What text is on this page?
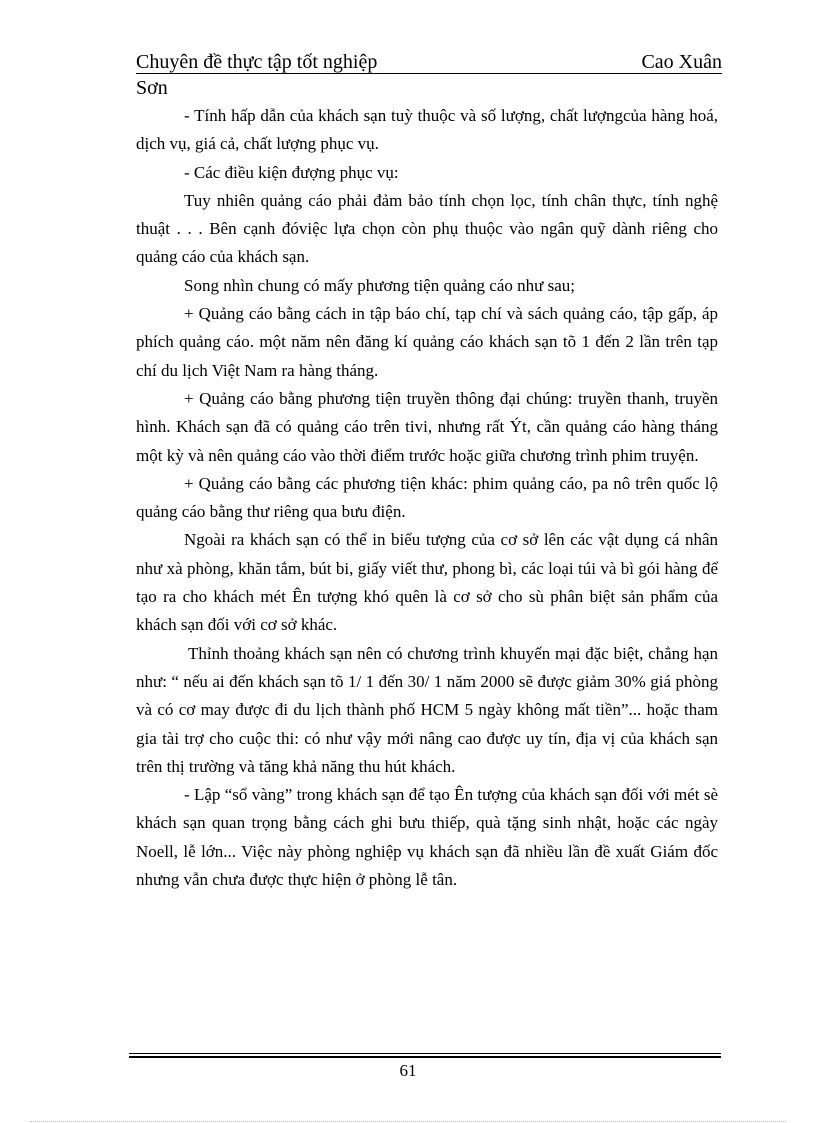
Chuyên đề thực tập tốt nghiệp	Cao Xuân
Sơn

- Tính hấp dẫn của khách sạn tuỳ thuộc và số lượng, chất lượngcủa hàng hoá, dịch vụ, giá cả, chất lượng phục vụ.

- Các điều kiện đượng phục vụ:

Tuy nhiên quảng cáo phải đảm bảo tính chọn lọc, tính chân thực, tính nghệ thuật . . . Bên cạnh đóviệc lựa chọn còn phụ thuộc vào ngân quỹ dành riêng cho quảng cáo của khách sạn.

Song nhìn chung có mấy phương tiện quảng cáo như sau;

+ Quảng cáo bằng cách in tập báo chí, tạp chí và sách quảng cáo, tập gấp, áp phích quảng cáo. một năm nên đăng kí quảng cáo khách sạn tõ 1 đến 2 lần trên tạp chí du lịch Việt Nam ra hàng tháng.

+ Quảng cáo bằng phương tiện truyền thông đại chúng: truyền thanh, truyền hình. Khách sạn đã có quảng cáo trên tivi, nhưng rất Ýt, cần quảng cáo hàng tháng một kỳ và nên quảng cáo vào thời điểm trước hoặc giữa chương trình phim truyện.

+ Quảng cáo bằng các phương tiện khác: phim quảng cáo, pa nô trên quốc lộ quảng cáo bằng thư riêng qua bưu điện.

Ngoài ra khách sạn có thể in biểu tượng của cơ sở lên các vật dụng cá nhân như xà phòng, khăn tắm, bút bi, giấy viết thư, phong bì, các loại túi và bì gói hàng để tạo ra cho khách mét Ên tượng khó quên là cơ sở cho sù phân biệt sản phẩm của khách sạn đối với cơ sở khác.

Thỉnh thoảng khách sạn nên có chương trình khuyến mại đặc biệt, chẳng hạn như: “ nếu ai đến khách sạn tõ 1/ 1 đến 30/ 1 năm 2000 sẽ được giảm 30% giá phòng và có cơ may được đi du lịch thành phố HCM 5 ngày không mất tiền”... hoặc tham gia tài trợ cho cuộc thi: có như vậy mới nâng cao được uy tín, địa vị của khách sạn trên thị trường và tăng khả năng thu hút khách.

- Lập “sổ vàng” trong khách sạn để tạo Ên tượng của khách sạn đối với mét sè khách sạn quan trọng bằng cách ghi bưu thiếp, quà tặng sinh nhật, hoặc các ngày Noell, lễ lớn... Việc này phòng nghiệp vụ khách sạn đã nhiều lần đề xuất Giám đốc nhưng vẫn chưa được thực hiện ở phòng lễ tân.

61
